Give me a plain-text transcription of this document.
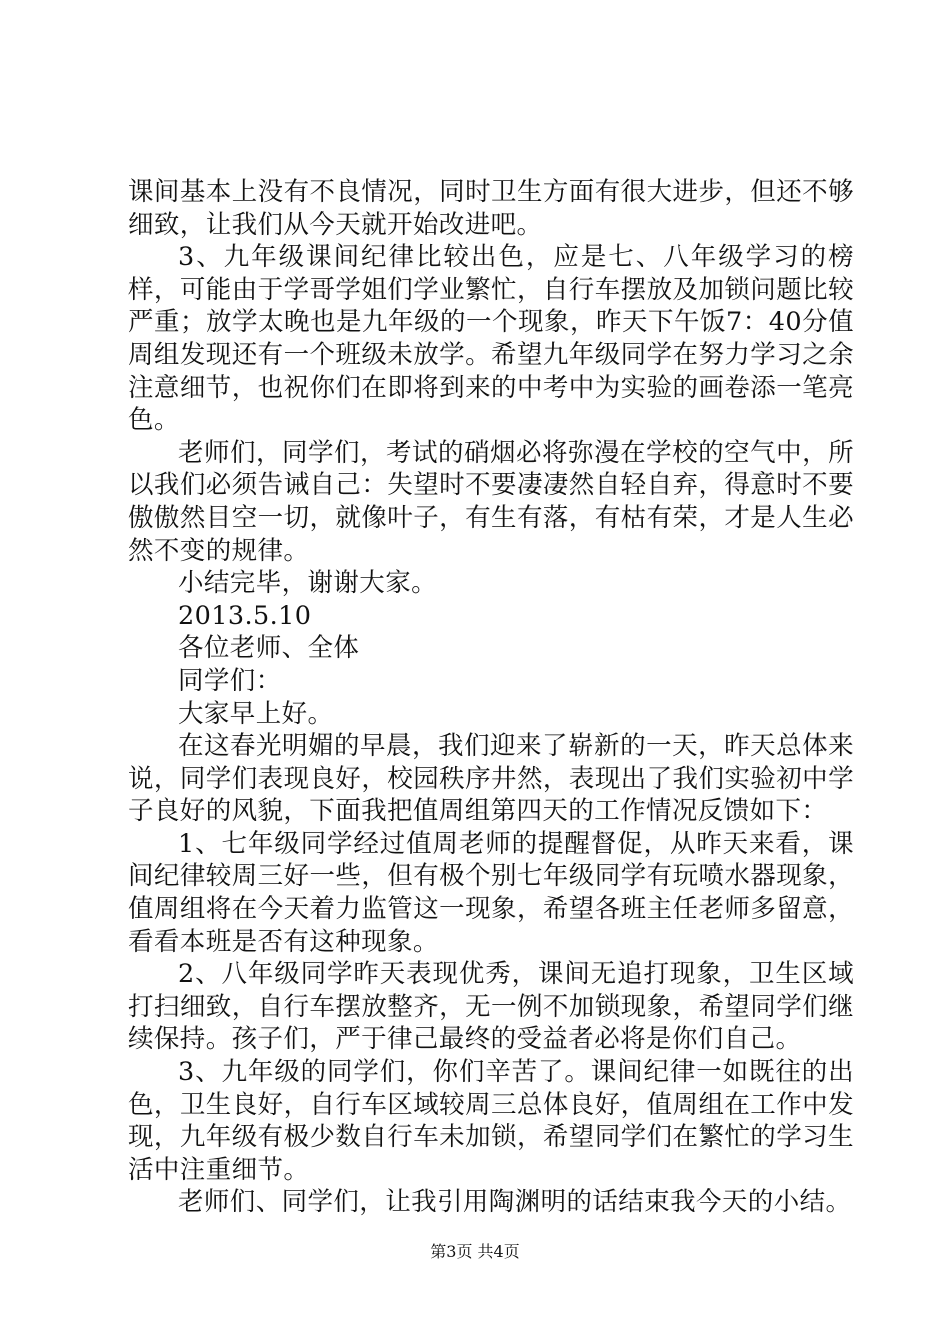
课间基本上没有不良情况，同时卫生方面有很大进步，但还不够细致，让我们从今天就开始改进吧。

3、九年级课间纪律比较出色，应是七、八年级学习的榜样，可能由于学哥学姐们学业繁忙，自行车摆放及加锁问题比较严重；放学太晚也是九年级的一个现象，昨天下午饭7：40分值周组发现还有一个班级未放学。希望九年级同学在努力学习之余注意细节，也祝你们在即将到来的中考中为实验的画卷添一笔亮色。

老师们，同学们，考试的硝烟必将弥漫在学校的空气中，所以我们必须告诫自己：失望时不要凄凄然自轻自弃，得意时不要傲傲然目空一切，就像叶子，有生有落，有枯有荣，才是人生必然不变的规律。

小结完毕，谢谢大家。

2013.5.10

各位老师、全体

同学们：

大家早上好。

在这春光明媚的早晨，我们迎来了崭新的一天，昨天总体来说，同学们表现良好，校园秩序井然，表现出了我们实验初中学子良好的风貌，下面我把值周组第四天的工作情况反馈如下：

1、七年级同学经过值周老师的提醒督促，从昨天来看，课间纪律较周三好一些，但有极个别七年级同学有玩喷水器现象，值周组将在今天着力监管这一现象，希望各班主任老师多留意，看看本班是否有这种现象。

2、八年级同学昨天表现优秀，课间无追打现象，卫生区域打扫细致，自行车摆放整齐，无一例不加锁现象，希望同学们继续保持。孩子们，严于律己最终的受益者必将是你们自己。

3、九年级的同学们，你们辛苦了。课间纪律一如既往的出色，卫生良好，自行车区域较周三总体良好，值周组在工作中发现，九年级有极少数自行车未加锁，希望同学们在繁忙的学习生活中注重细节。

老师们、同学们，让我引用陶渊明的话结束我今天的小结。

第3页 共4页
